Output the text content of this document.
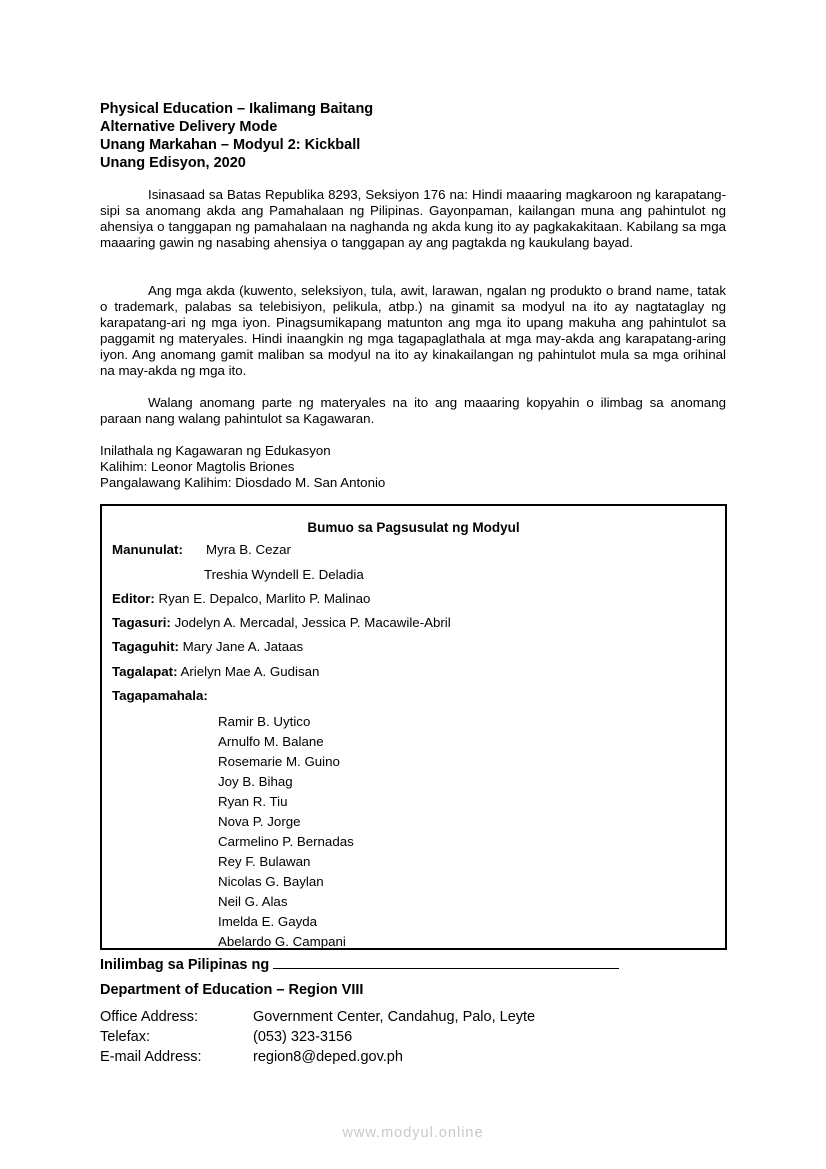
Physical Education – Ikalimang Baitang
Alternative Delivery Mode
Unang Markahan – Modyul 2: Kickball
Unang Edisyon, 2020

Isinasaad sa Batas Republika 8293, Seksiyon 176 na: Hindi maaaring magkaroon ng karapatang-sipi sa anomang akda ang Pamahalaan ng Pilipinas. Gayonpaman, kailangan muna ang pahintulot ng ahensiya o tanggapan ng pamahalaan na naghanda ng akda kung ito ay pagkakakitaan. Kabilang sa mga maaaring gawin ng nasabing ahensiya o tanggapan ay ang pagtakda ng kaukulang bayad.

Ang mga akda (kuwento, seleksiyon, tula, awit, larawan, ngalan ng produkto o brand name, tatak o trademark, palabas sa telebisiyon, pelikula, atbp.) na ginamit sa modyul na ito ay nagtataglay ng karapatang-ari ng mga iyon. Pinagsumikapang matunton ang mga ito upang makuha ang pahintulot sa paggamit ng materyales. Hindi inaangkin ng mga tagapaglathala at mga may-akda ang karapatang-aring iyon. Ang anomang gamit maliban sa modyul na ito ay kinakailangan ng pahintulot mula sa mga orihinal na may-akda ng mga ito.

Walang anomang parte ng materyales na ito ang maaaring kopyahin o ilimbag sa anomang paraan nang walang pahintulot sa Kagawaran.

Inilathala ng Kagawaran ng Edukasyon
Kalihim: Leonor Magtolis Briones
Pangalawang Kalihim: Diosdado M. San Antonio
Bumuo sa Pagsusulat ng Modyul
Manunulat: Myra B. Cezar
Treshia Wyndell E. Deladia
Editor: Ryan E. Depalco, Marlito P. Malinao
Tagasuri: Jodelyn A. Mercadal, Jessica P. Macawile-Abril
Tagaguhit: Mary Jane A. Jataas
Tagalapat: Arielyn Mae A. Gudisan
Tagapamahala:
Ramir B. Uytico
Arnulfo M. Balane
Rosemarie M. Guino
Joy B. Bihag
Ryan R. Tiu
Nova P. Jorge
Carmelino P. Bernadas
Rey F. Bulawan
Nicolas G. Baylan
Neil G. Alas
Imelda E. Gayda
Abelardo G. Campani
Inilimbag sa Pilipinas ng
Department of Education – Region VIII
Office Address:	Government Center, Candahug, Palo, Leyte
Telefax:	(053) 323-3156
E-mail Address:	region8@deped.gov.ph
www.modyul.online
